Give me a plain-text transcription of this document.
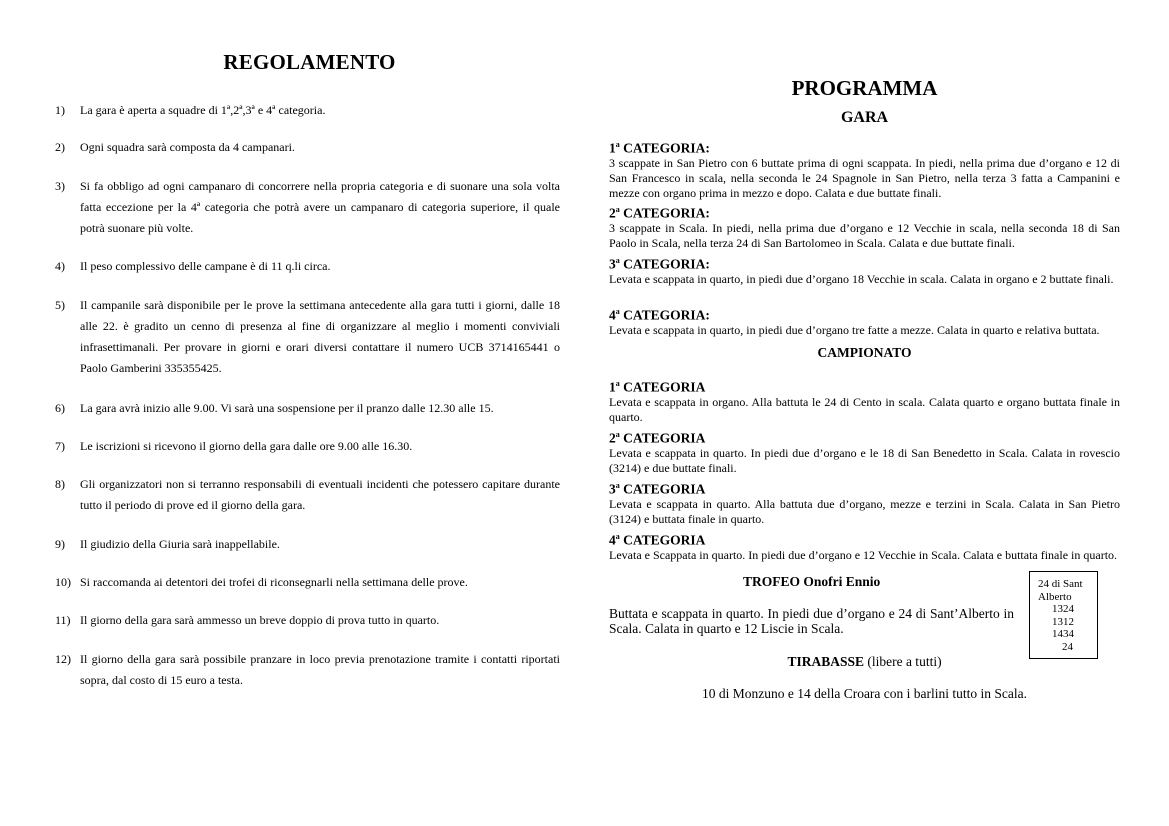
REGOLAMENTO
1)	La gara è aperta a squadre di 1ª,2ª,3ª e 4ª categoria.
2)	Ogni squadra sarà composta da 4 campanari.
3)	Si fa obbligo ad ogni campanaro di concorrere nella propria categoria e di suonare una sola volta fatta eccezione per la 4ª categoria che potrà avere un campanaro di categoria superiore, il quale potrà suonare più volte.
4)	Il peso complessivo delle campane è di 11 q.li circa.
5)	Il campanile sarà disponibile per le prove la settimana antecedente alla gara tutti i giorni, dalle 18 alle 22. è gradito un cenno di presenza al fine di organizzare al meglio i momenti conviviali infrasettimanali. Per provare in giorni e orari diversi contattare il numero UCB 3714165441 o Paolo Gamberini 335355425.
6)	La gara avrà inizio alle 9.00. Vi sarà una sospensione per il pranzo dalle 12.30 alle 15.
7)	Le iscrizioni si ricevono il giorno della gara dalle ore 9.00 alle 16.30.
8)	Gli organizzatori non si terranno responsabili di eventuali incidenti che potessero capitare durante tutto il periodo di prove ed il giorno della gara.
9)	Il giudizio della Giuria sarà inappellabile.
10) Si raccomanda ai detentori dei trofei di riconsegnarli nella settimana delle prove.
11) Il giorno della gara sarà ammesso un breve doppio di prova tutto in quarto.
12) Il giorno della gara sarà possibile pranzare in loco previa prenotazione tramite i contatti riportati sopra, dal costo di 15 euro a testa.
PROGRAMMA
GARA
1$^a$ CATEGORIA:
3 scappate in San Pietro con 6 buttate prima di ogni scappata. In piedi, nella prima due d’organo e 12 di San Francesco in scala, nella seconda le 24 Spagnole in San Pietro, nella terza 3 fatta a Campanini e mezze con organo prima in mezzo e dopo. Calata e due buttate finali.
2$^a$ CATEGORIA:
3 scappate in Scala. In piedi, nella prima due d’organo e 12 Vecchie in scala, nella seconda 18 di San Paolo in Scala, nella terza 24 di San Bartolomeo in Scala. Calata e due buttate finali.
3$^a$ CATEGORIA:
Levata e scappata in quarto, in piedi due d’organo 18 Vecchie in scala. Calata in organo e 2 buttate finali.
4$^a$ CATEGORIA:
Levata e scappata in quarto, in piedi due d’organo tre fatte a mezze. Calata in quarto e relativa buttata.
CAMPIONATO
1$^a$ CATEGORIA
Levata e scappata in organo. Alla battuta le 24 di Cento in scala. Calata quarto e organo buttata finale in quarto.
2$^a$ CATEGORIA
Levata e scappata in quarto. In piedi due d’organo e le 18 di San Benedetto in Scala. Calata in rovescio (3214) e due buttate finali.
3$^a$ CATEGORIA
Levata e scappata in quarto. Alla battuta due d’organo, mezze e terzini in Scala. Calata in San Pietro (3124) e buttata finale in quarto.
4$^a$ CATEGORIA
Levata e Scappata in quarto. In piedi due d’organo e 12 Vecchie in Scala. Calata e buttata finale in quarto.
TROFEO Onofri Ennio
Buttata e scappata in quarto. In piedi due d’organo e 24 di Sant’Alberto in Scala. Calata in quarto e 12 Liscie in Scala.
24 di Sant
Alberto
1324
1312
1434
24
TIRABASSE (libere a tutti)
10 di Monzuno e 14 della Croara con i barlini tutto in Scala.
